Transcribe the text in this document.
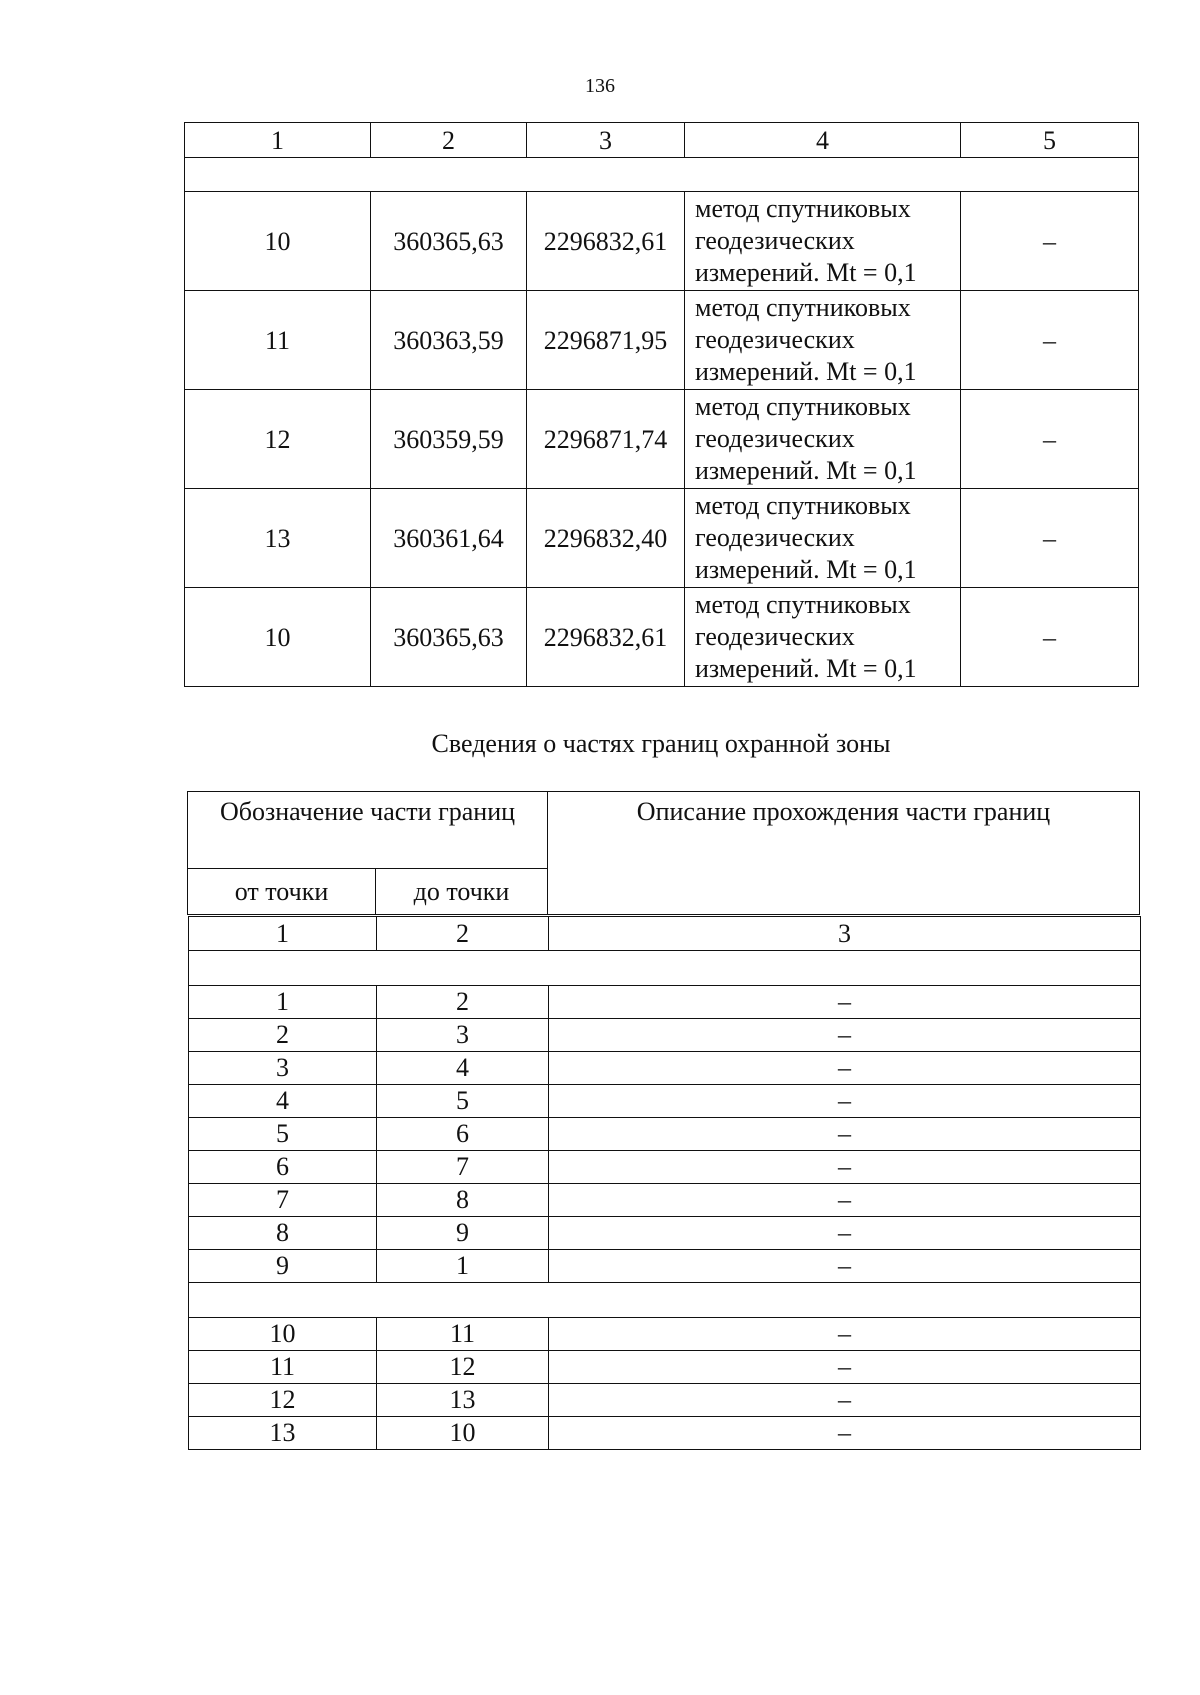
136
1	2	3	4	5

10	360365,63	2296832,61	метод спутниковых
геодезических
измерений. Mt = 0,1	–
11	360363,59	2296871,95	метод спутниковых
геодезических
измерений. Mt = 0,1	–
12	360359,59	2296871,74	метод спутниковых
геодезических
измерений. Mt = 0,1	–
13	360361,64	2296832,40	метод спутниковых
геодезических
измерений. Mt = 0,1	–
10	360365,63	2296832,61	метод спутниковых
геодезических
измерений. Mt = 0,1	–
Сведения о частях границ охранной зоны
Обозначение части границ		Описание прохождения части границ
от точки	до точки	
1	2	3

1	2	–
2	3	–
3	4	–
4	5	–
5	6	–
6	7	–
7	8	–
8	9	–
9	1	–

10	11	–
11	12	–
12	13	–
13	10	–
